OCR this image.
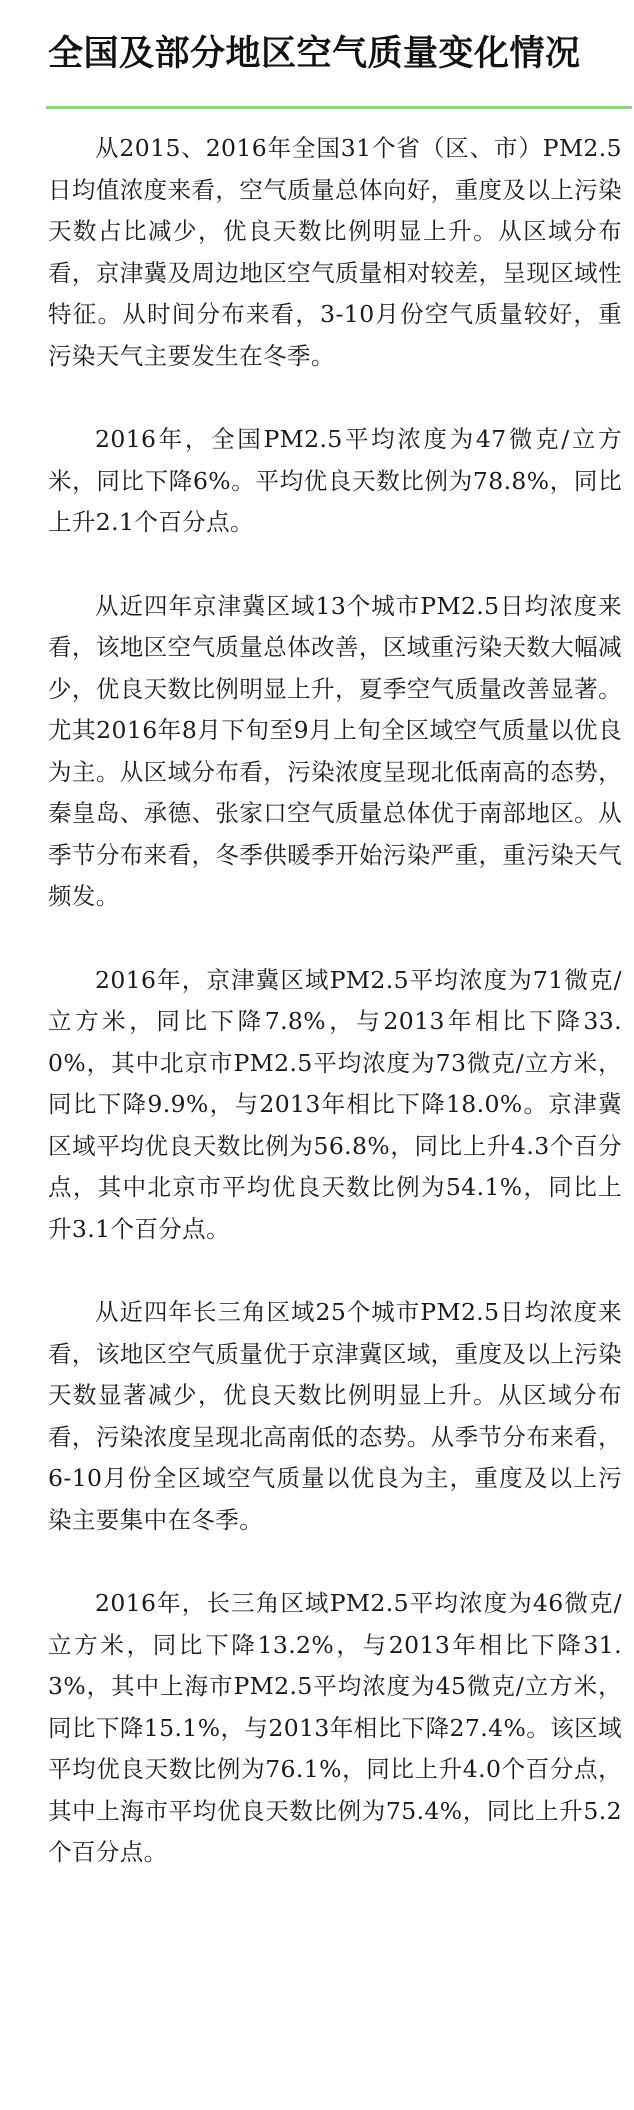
全国及部分地区空气质量变化情况

从2015、2016年全国31个省（区、市）PM2.5日均值浓度来看，空气质量总体向好，重度及以上污染天数占比减少，优良天数比例明显上升。从区域分布看，京津冀及周边地区空气质量相对较差，呈现区域性特征。从时间分布来看，3-10月份空气质量较好，重污染天气主要发生在冬季。

2016年，全国PM2.5平均浓度为47微克/立方米，同比下降6%。平均优良天数比例为78.8%，同比上升2.1个百分点。

从近四年京津冀区域13个城市PM2.5日均浓度来看，该地区空气质量总体改善，区域重污染天数大幅减少，优良天数比例明显上升，夏季空气质量改善显著。尤其2016年8月下旬至9月上旬全区域空气质量以优良为主。从区域分布看，污染浓度呈现北低南高的态势，秦皇岛、承德、张家口空气质量总体优于南部地区。从季节分布来看，冬季供暖季开始污染严重，重污染天气频发。

2016年，京津冀区域PM2.5平均浓度为71微克/立方米，同比下降7.8%，与2013年相比下降33.0%，其中北京市PM2.5平均浓度为73微克/立方米，同比下降9.9%，与2013年相比下降18.0%。京津冀区域平均优良天数比例为56.8%，同比上升4.3个百分点，其中北京市平均优良天数比例为54.1%，同比上升3.1个百分点。

从近四年长三角区域25个城市PM2.5日均浓度来看，该地区空气质量优于京津冀区域，重度及以上污染天数显著减少，优良天数比例明显上升。从区域分布看，污染浓度呈现北高南低的态势。从季节分布来看，6-10月份全区域空气质量以优良为主，重度及以上污染主要集中在冬季。

2016年，长三角区域PM2.5平均浓度为46微克/立方米，同比下降13.2%，与2013年相比下降31.3%，其中上海市PM2.5平均浓度为45微克/立方米，同比下降15.1%，与2013年相比下降27.4%。该区域平均优良天数比例为76.1%，同比上升4.0个百分点，其中上海市平均优良天数比例为75.4%，同比上升5.2个百分点。
